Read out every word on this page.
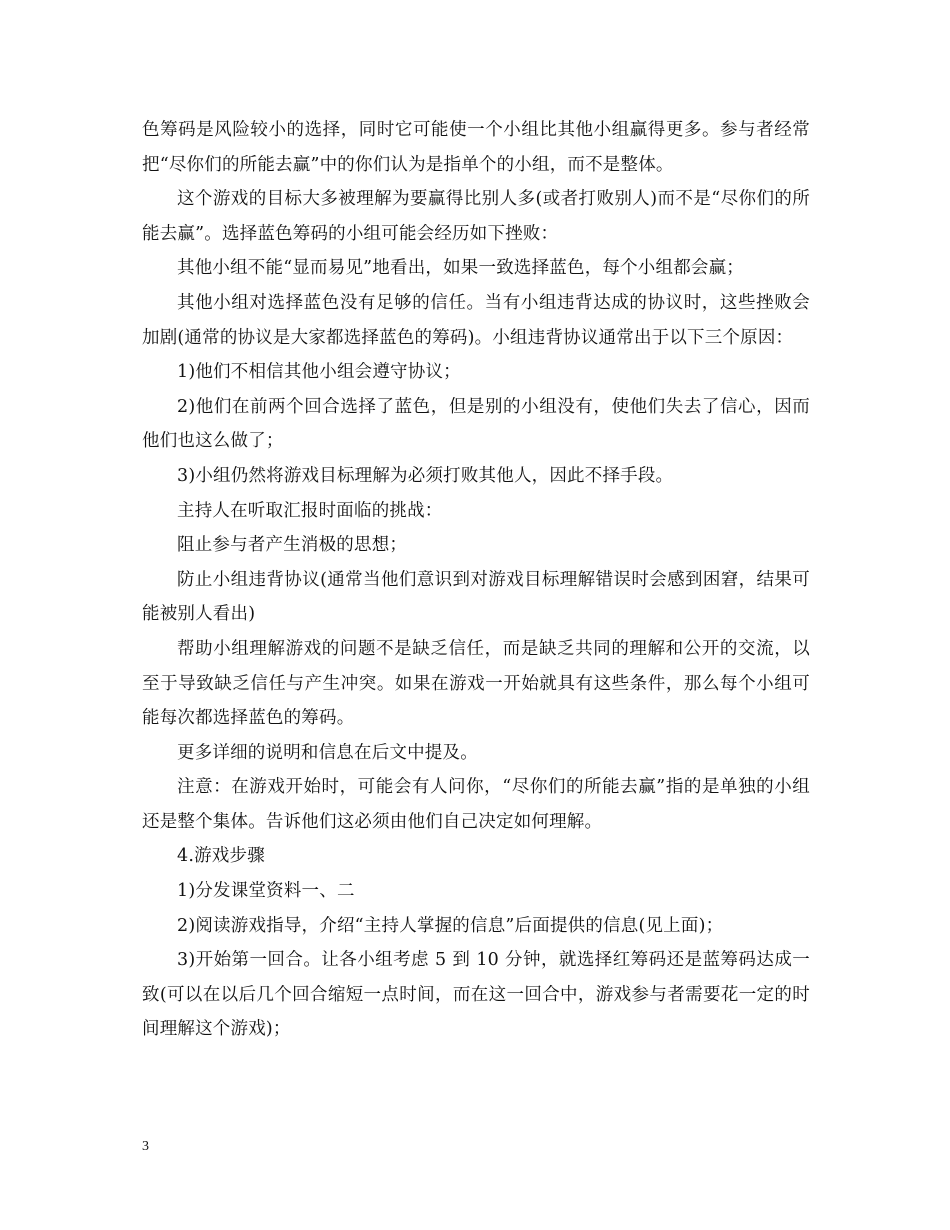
色筹码是风险较小的选择，同时它可能使一个小组比其他小组赢得更多。参与者经常把“尽你们的所能去赢”中的你们认为是指单个的小组，而不是整体。

这个游戏的目标大多被理解为要赢得比别人多(或者打败别人)而不是“尽你们的所能去赢”。选择蓝色筹码的小组可能会经历如下挫败：

其他小组不能“显而易见”地看出，如果一致选择蓝色，每个小组都会赢；

其他小组对选择蓝色没有足够的信任。当有小组违背达成的协议时，这些挫败会加剧(通常的协议是大家都选择蓝色的筹码)。小组违背协议通常出于以下三个原因：

1)他们不相信其他小组会遵守协议；

2)他们在前两个回合选择了蓝色，但是别的小组没有，使他们失去了信心，因而他们也这么做了；

3)小组仍然将游戏目标理解为必须打败其他人，因此不择手段。

主持人在听取汇报时面临的挑战：

阻止参与者产生消极的思想；

防止小组违背协议(通常当他们意识到对游戏目标理解错误时会感到困窘，结果可能被别人看出)

帮助小组理解游戏的问题不是缺乏信任，而是缺乏共同的理解和公开的交流，以至于导致缺乏信任与产生冲突。如果在游戏一开始就具有这些条件，那么每个小组可能每次都选择蓝色的筹码。

更多详细的说明和信息在后文中提及。

注意：在游戏开始时，可能会有人问你，“尽你们的所能去赢”指的是单独的小组还是整个集体。告诉他们这必须由他们自己决定如何理解。

4.游戏步骤

1)分发课堂资料一、二

2)阅读游戏指导，介绍“主持人掌握的信息”后面提供的信息(见上面)；

3)开始第一回合。让各小组考虑 5 到 10 分钟，就选择红筹码还是蓝筹码达成一致(可以在以后几个回合缩短一点时间，而在这一回合中，游戏参与者需要花一定的时间理解这个游戏)；

3
